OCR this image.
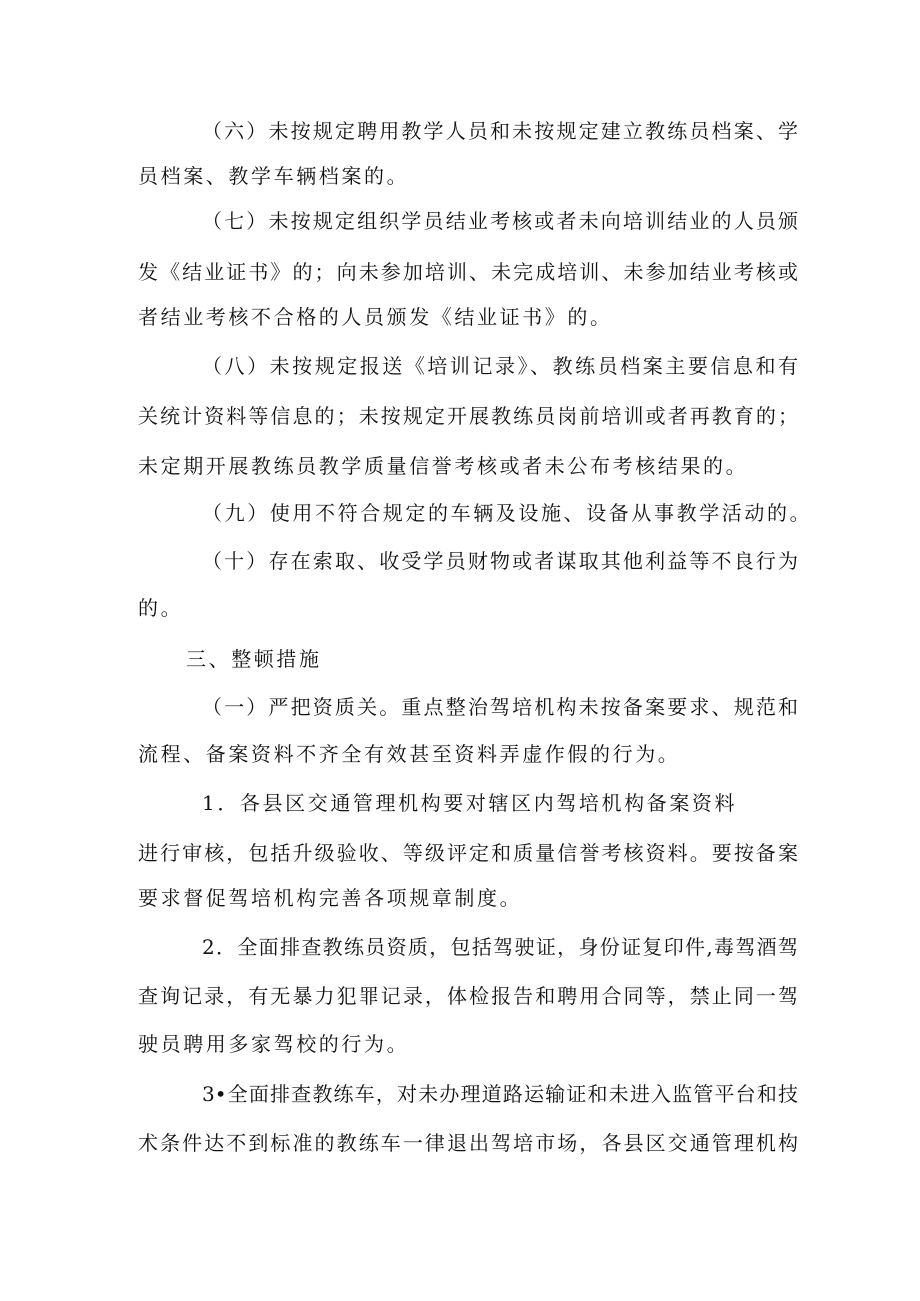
（六）未按规定聘用教学人员和未按规定建立教练员档案、学
员档案、教学车辆档案的。
（七）未按规定组织学员结业考核或者未向培训结业的人员颁
发《结业证书》的；向未参加培训、未完成培训、未参加结业考核或
者结业考核不合格的人员颁发《结业证书》的。
（八）未按规定报送《培训记录》、教练员档案主要信息和有
关统计资料等信息的；未按规定开展教练员岗前培训或者再教育的；
未定期开展教练员教学质量信誉考核或者未公布考核结果的。
（九）使用不符合规定的车辆及设施、设备从事教学活动的。
（十）存在索取、收受学员财物或者谋取其他利益等不良行为
的。
三、整顿措施
（一）严把资质关。重点整治驾培机构未按备案要求、规范和
流程、备案资料不齐全有效甚至资料弄虚作假的行为。
1．各县区交通管理机构要对辖区内驾培机构备案资料
进行审核，包括升级验收、等级评定和质量信誉考核资料。要按备案
要求督促驾培机构完善各项规章制度。
2．全面排查教练员资质，包括驾驶证，身份证复印件,毒驾酒驾
查询记录，有无暴力犯罪记录，体检报告和聘用合同等，禁止同一驾
驶员聘用多家驾校的行为。
3•全面排查教练车，对未办理道路运输证和未进入监管平台和技
术条件达不到标准的教练车一律退出驾培市场，各县区交通管理机构
